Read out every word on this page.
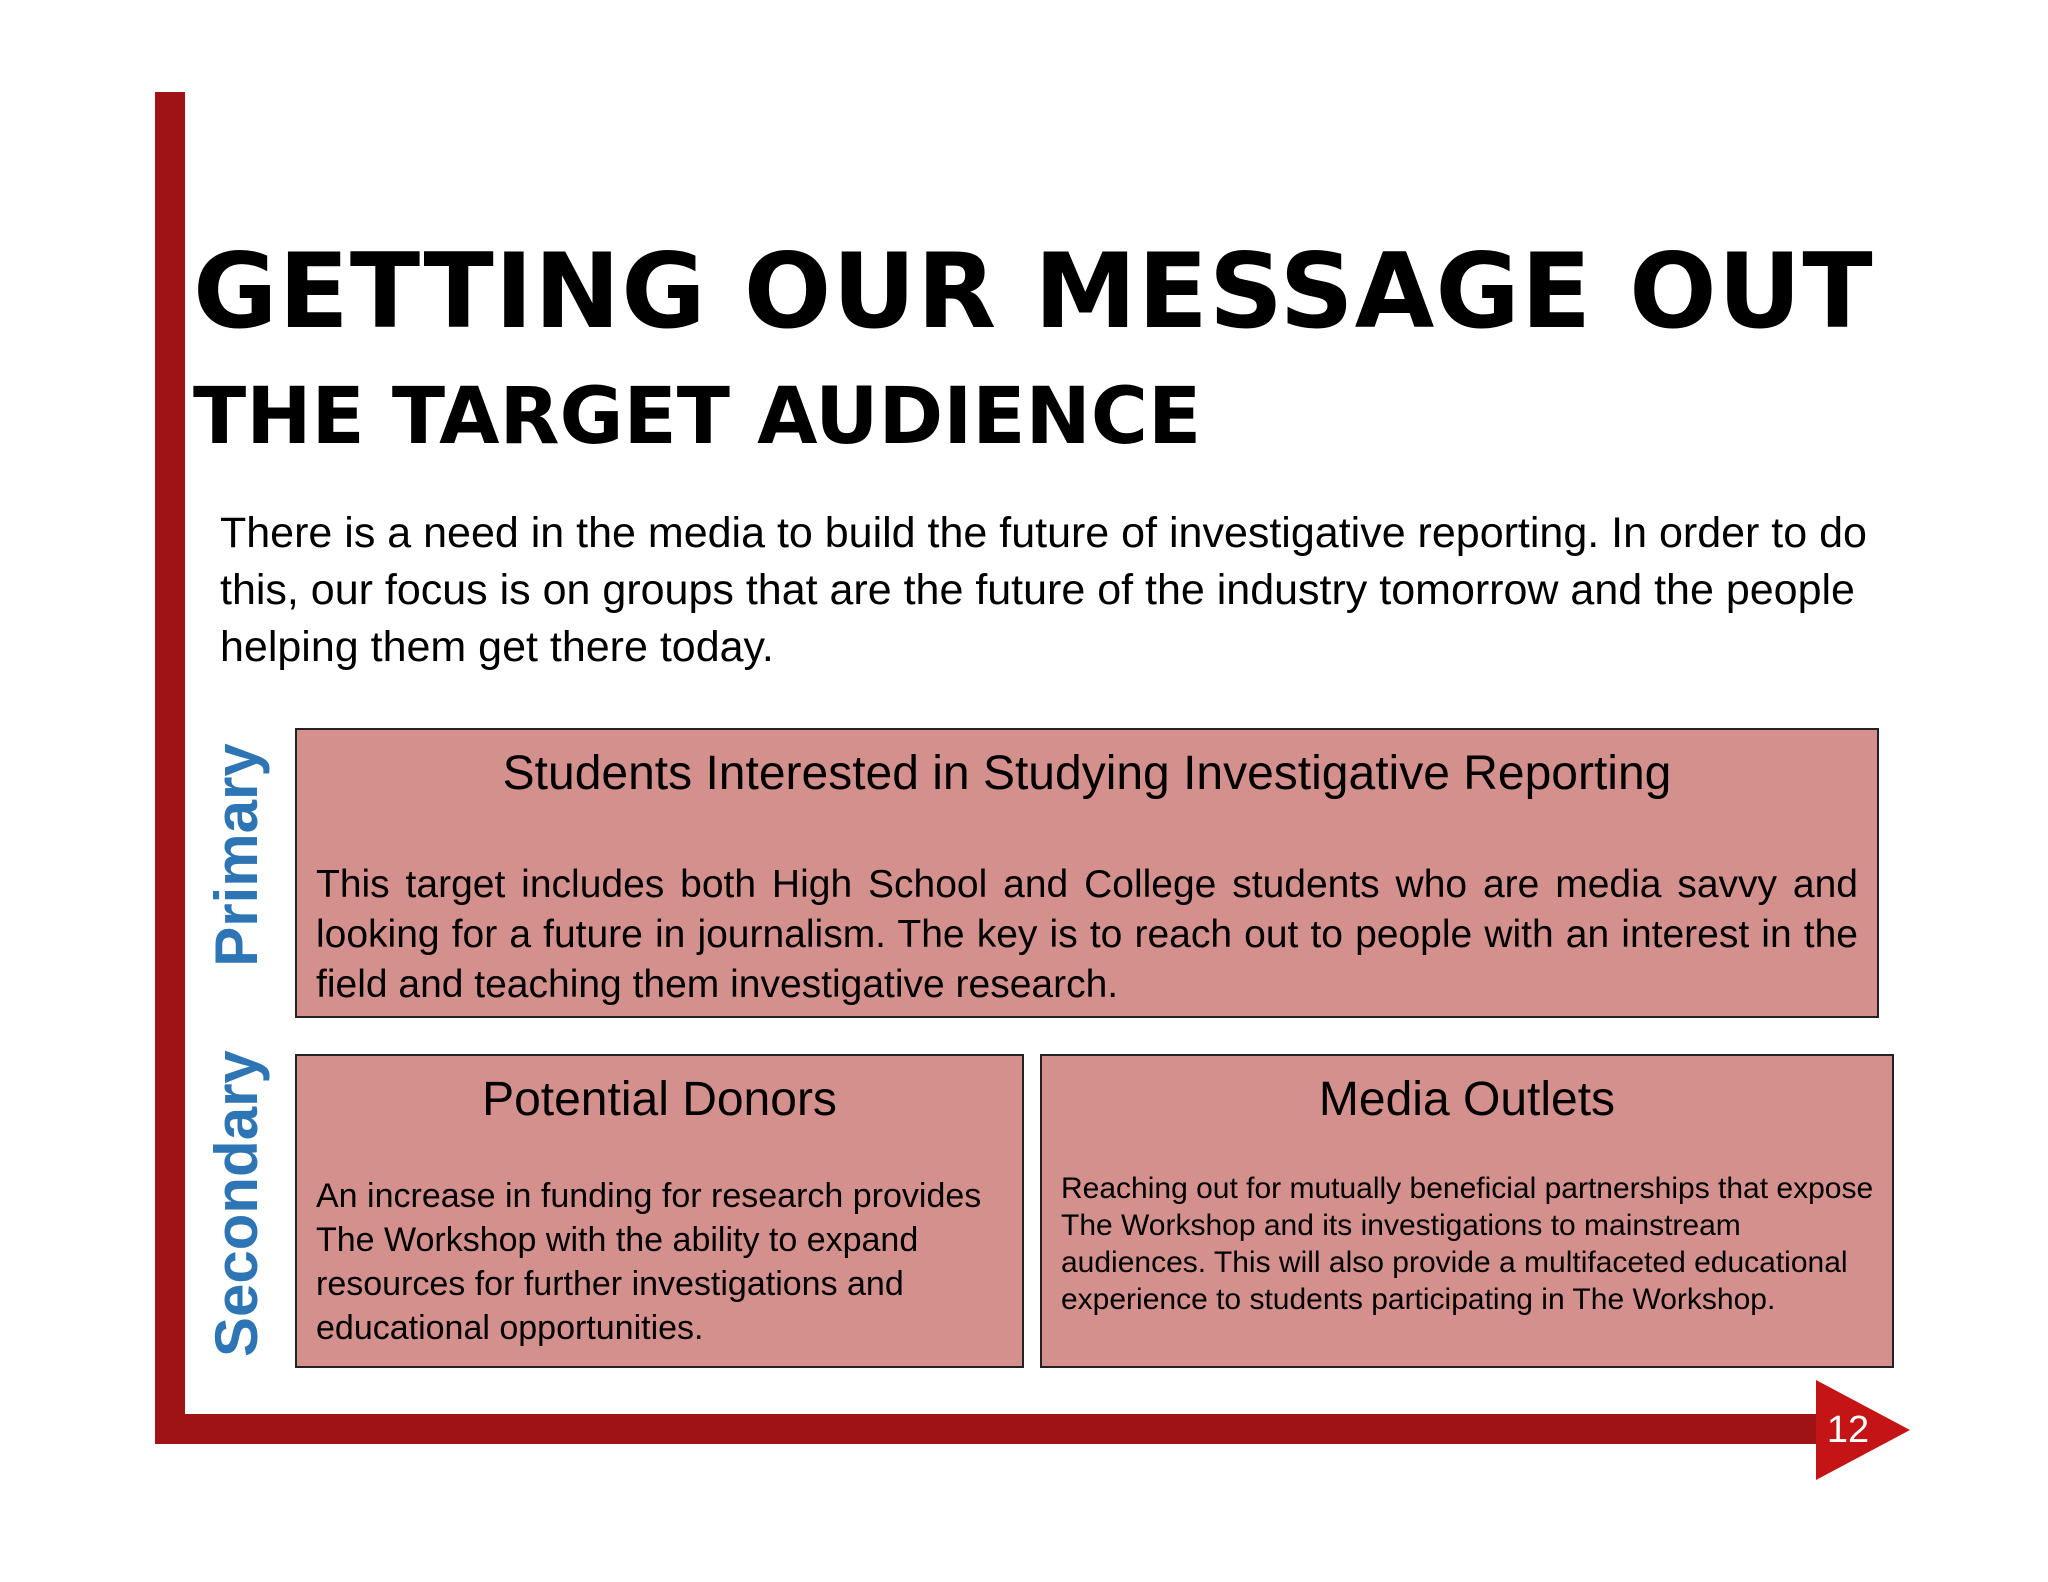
12
GETTING OUR MESSAGE OUT
THE TARGET AUDIENCE

There is a need in the media to build the future of investigative reporting. In order to do this, our focus is on groups that are the future of the industry tomorrow and the people helping them get there today.

Primary
Secondary
Students Interested in Studying Investigative Reporting

This target includes both High School and College students who are media savvy and looking for a future in journalism. The key is to reach out to people with an interest in the field and teaching them investigative research.

Potential Donors

An increase in funding for research provides The Workshop with the ability to expand resources for further investigations and educational opportunities.

Media Outlets

Reaching out for mutually beneficial partnerships that expose The Workshop and its investigations to mainstream audiences. This will also provide a multifaceted educational experience to students participating in The Workshop.
